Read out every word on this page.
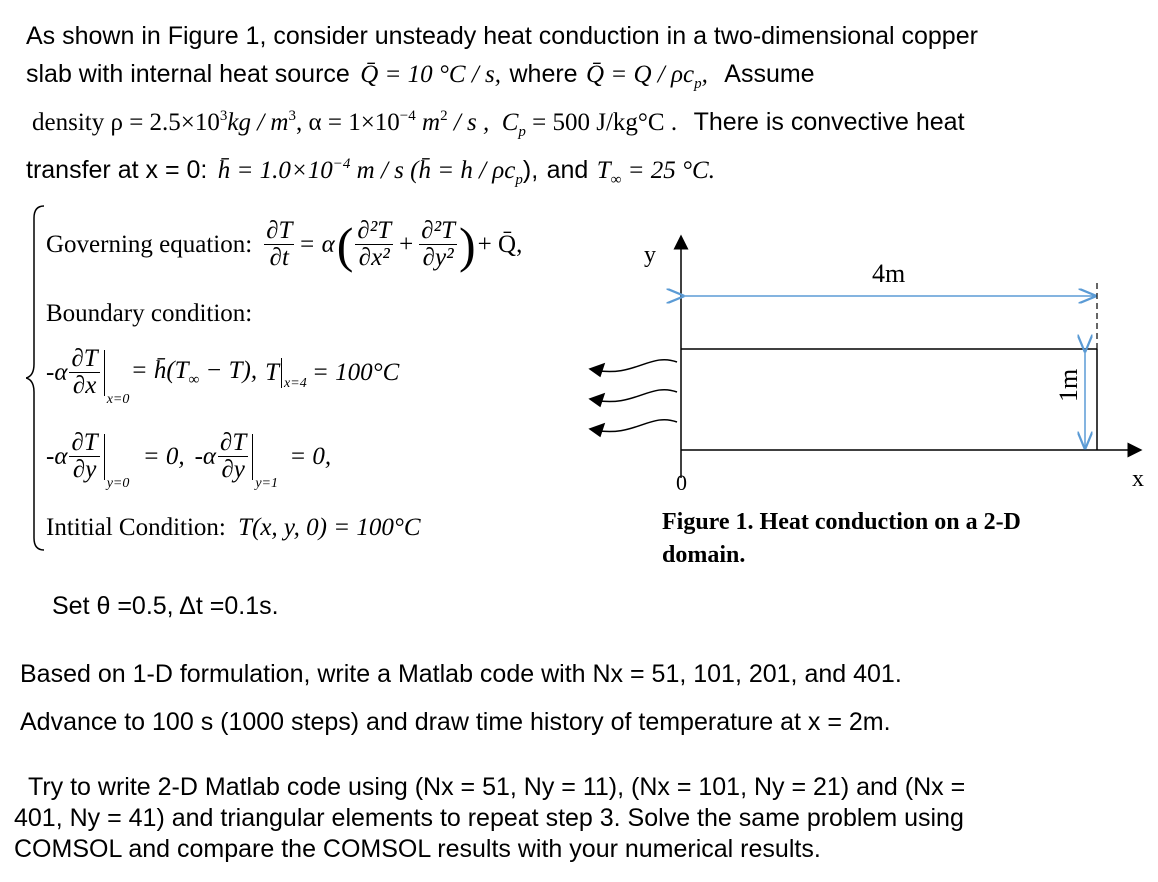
As shown in Figure 1, consider unsteady heat conduction in a two-dimensional copper
slab with internal heat source Q̄ = 10 °C / s, where Q̄ = Q / $\rho c_p$, Assume
density $\rho = 2.5\times 10^3kg / m^3$, $\alpha = 1\times 10^{-4}$ $m^2$ / s , $C_p = 500$ J/kg°C . There is convective heat
transfer at x = 0: h̄ = $1.0\times 10^{-4}$ m / s (h̄ = h / $\rho c_p$), and $T_\infty = 25$ °C.
Governing equation: $\frac{\partial T}{\partial t} = \alpha$ ( $\frac{\text{∂²T}}{\text{∂x²}} + \frac{\text{∂²T}}{\text{∂y²}}$ ) + Q̄,
Boundary condition:
$-\alpha \frac{\partial T}{\partial x} x=0$
= $h̄(T_\infty - T)$, T x=4 = 100°C
$-\alpha \frac{\partial T}{\partial y} y=0$
= 0, $-\alpha \frac{\partial T}{\partial y} y=1$
= 0,
Intitial Condition: T(x, y, 0) = 100°C
y
x
0
4m
1m
Figure 1. Heat conduction on a 2-D
domain.
Set θ =0.5, Δt =0.1s.
Based on 1-D formulation, write a Matlab code with Nx = 51, 101, 201, and 401.
Advance to 100 s (1000 steps) and draw time history of temperature at x = 2m.
Try to write 2-D Matlab code using (Nx = 51, Ny = 11), (Nx = 101, Ny = 21) and (Nx =
401, Ny = 41) and triangular elements to repeat step 3. Solve the same problem using
COMSOL and compare the COMSOL results with your numerical results.
